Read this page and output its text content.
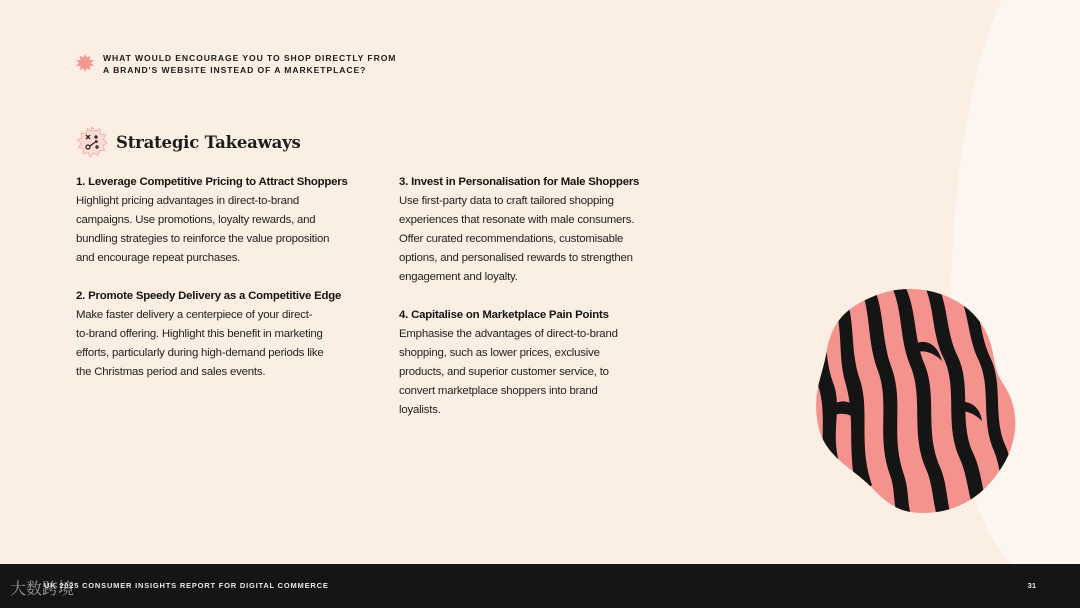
WHAT WOULD ENCOURAGE YOU TO SHOP DIRECTLY FROM
A BRAND'S WEBSITE INSTEAD OF A MARKETPLACE?
Strategic Takeaways
1. Leverage Competitive Pricing to Attract Shoppers
Highlight pricing advantages in direct-to-brand
campaigns. Use promotions, loyalty rewards, and
bundling strategies to reinforce the value proposition
and encourage repeat purchases.
2. Promote Speedy Delivery as a Competitive Edge
Make faster delivery a centerpiece of your direct-
to-brand offering. Highlight this benefit in marketing
efforts, particularly during high-demand periods like
the Christmas period and sales events.
3. Invest in Personalisation for Male Shoppers
Use first-party data to craft tailored shopping
experiences that resonate with male consumers.
Offer curated recommendations, customisable
options, and personalised rewards to strengthen
engagement and loyalty.
4. Capitalise on Marketplace Pain Points
Emphasise the advantages of direct-to-brand
shopping, such as lower prices, exclusive
products, and superior customer service, to
convert marketplace shoppers into brand
loyalists.
大数跨境
UK 2025 CONSUMER INSIGHTS REPORT FOR DIGITAL COMMERCE	31
